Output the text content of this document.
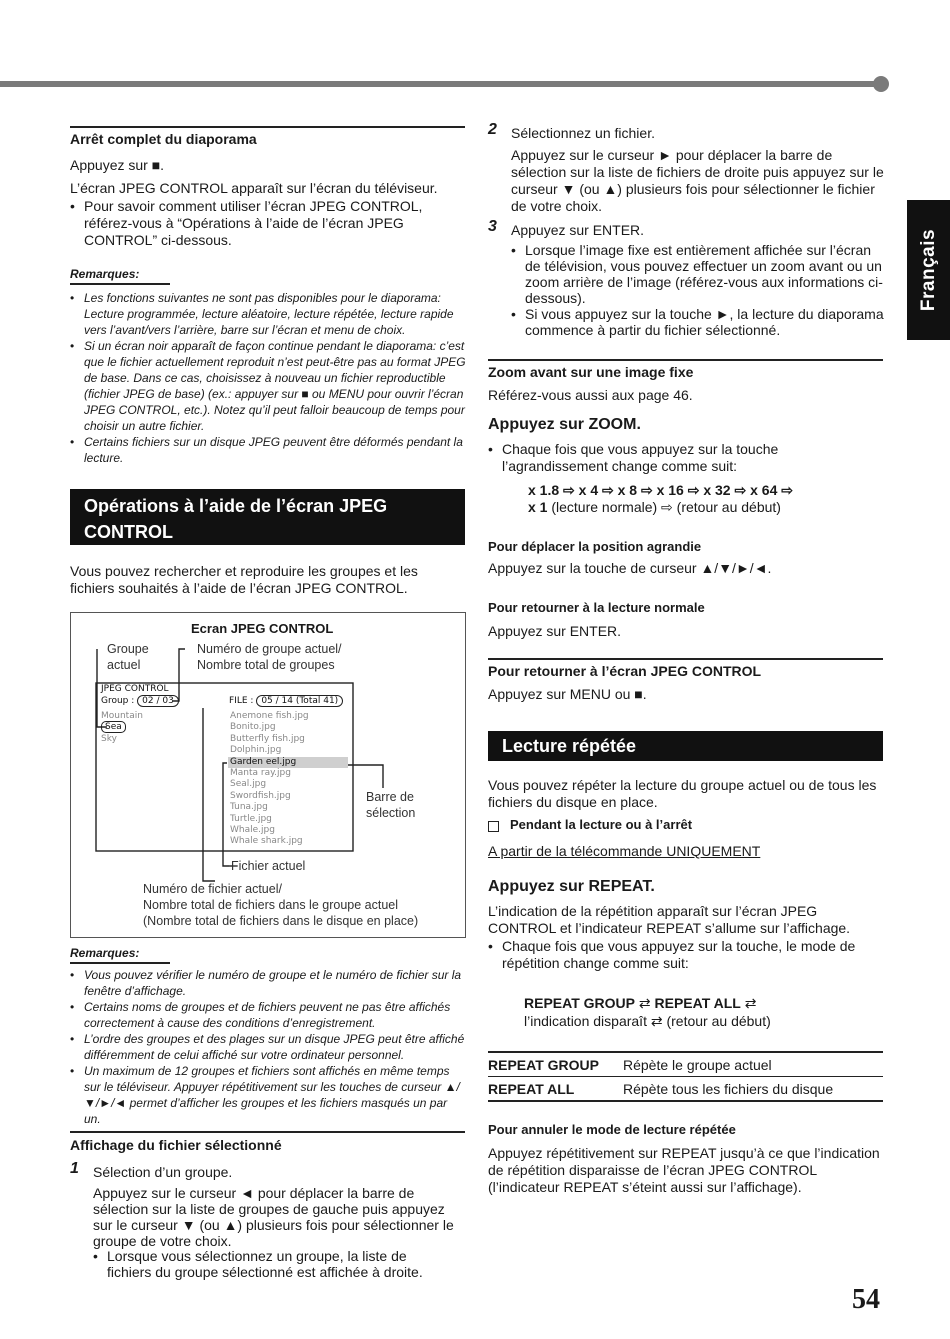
Français
Arrêt complet du diaporama
Appuyez sur ■.
L’écran JPEG CONTROL apparaît sur l’écran du téléviseur.
• Pour savoir comment utiliser l’écran JPEG CONTROL, référez-vous à “Opérations à l’aide de l’écran JPEG CONTROL” ci-dessous.
Remarques:
• Les fonctions suivantes ne sont pas disponibles pour le diaporama: Lecture programmée, lecture aléatoire, lecture répétée, lecture rapide vers l’avant/vers l’arrière, barre sur l’écran et menu de choix.
• Si un écran noir apparaît de façon continue pendant le diaporama: c’est que le fichier actuellement reproduit n’est peut-être pas au format JPEG de base. Dans ce cas, choisissez à nouveau un fichier reproductible (fichier JPEG de base) (ex.: appuyer sur ■ ou MENU pour ouvrir l’écran JPEG CONTROL, etc.). Notez qu’il peut falloir beaucoup de temps pour choisir un autre fichier.
• Certains fichiers sur un disque JPEG peuvent être déformés pendant la lecture.
Opérations à l’aide de l’écran JPEG CONTROL
Vous pouvez rechercher et reproduire les groupes et les fichiers souhaités à l’aide de l’écran JPEG CONTROL.
Ecran JPEG CONTROL
Groupe
actuel
Numéro de groupe actuel/
Nombre total de groupes
JPEG CONTROL
Group : 02 / 03	FILE : 05 / 14 (Total 41)
Mountain
Sea
Sky
Anemone fish.jpg
Bonito.jpg
Butterfly fish.jpg
Dolphin.jpg
Garden eel.jpg
Manta ray.jpg
Seal.jpg
Swordfish.jpg
Tuna.jpg
Turtle.jpg
Whale.jpg
Whale shark.jpg
Barre de
sélection
Fichier actuel
Numéro de fichier actuel/
Nombre total de fichiers dans le groupe actuel
(Nombre total de fichiers dans le disque en place)
Remarques:
• Vous pouvez vérifier le numéro de groupe et le numéro de fichier sur la fenêtre d’affichage.
• Certains noms de groupes et de fichiers peuvent ne pas être affichés correctement à cause des conditions d’enregistrement.
• L’ordre des groupes et des plages sur un disque JPEG peut être affiché différemment de celui affiché sur votre ordinateur personnel.
• Un maximum de 12 groupes et fichiers sont affichés en même temps sur le téléviseur. Appuyer répétitivement sur les touches de curseur ▲/▼/►/◄ permet d’afficher les groupes et les fichiers masqués un par un.
Affichage du fichier sélectionné
1 Sélection d’un groupe.
Appuyez sur le curseur ◄ pour déplacer la barre de sélection sur la liste de groupes de gauche puis appuyez sur le curseur ▼ (ou ▲) plusieurs fois pour sélectionner le groupe de votre choix.
• Lorsque vous sélectionnez un groupe, la liste de fichiers du groupe sélectionné est affichée à droite.
2 Sélectionnez un fichier.
Appuyez sur le curseur ► pour déplacer la barre de sélection sur la liste de fichiers de droite puis appuyez sur le curseur ▼ (ou ▲) plusieurs fois pour sélectionner le fichier de votre choix.
3 Appuyez sur ENTER.
• Lorsque l’image fixe est entièrement affichée sur l’écran de télévision, vous pouvez effectuer un zoom avant ou un zoom arrière de l’image (référez-vous aux informations ci-dessous).
• Si vous appuyez sur la touche ►, la lecture du diaporama commence à partir du fichier sélectionné.
Zoom avant sur une image fixe
Référez-vous aussi aux page 46.
Appuyez sur ZOOM.
• Chaque fois que vous appuyez sur la touche l’agrandissement change comme suit:
x 1.8 ⇨ x 4 ⇨ x 8 ⇨ x 16 ⇨ x 32 ⇨ x 64 ⇨
x 1 (lecture normale) ⇨ (retour au début)
Pour déplacer la position agrandie
Appuyez sur la touche de curseur ▲/▼/►/◄.
Pour retourner à la lecture normale
Appuyez sur ENTER.
Pour retourner à l’écran JPEG CONTROL
Appuyez sur MENU ou ■.
Lecture répétée
Vous pouvez répéter la lecture du groupe actuel ou de tous les fichiers du disque en place.
Pendant la lecture ou à l’arrêt
A partir de la télécommande UNIQUEMENT
Appuyez sur REPEAT.
L’indication de la répétition apparaît sur l’écran JPEG CONTROL et l’indicateur REPEAT s’allume sur l’affichage.
• Chaque fois que vous appuyez sur la touche, le mode de répétition change comme suit:
REPEAT GROUP ⇄ REPEAT ALL ⇄
l’indication disparaît ⇄ (retour au début)
REPEAT GROUP Répète le groupe actuel
REPEAT ALL	Répète tous les fichiers du disque
Pour annuler le mode de lecture répétée
Appuyez répétitivement sur REPEAT jusqu’à ce que l’indication de répétition disparaisse de l’écran JPEG CONTROL (l’indicateur REPEAT s’éteint aussi sur l’affichage).
54
